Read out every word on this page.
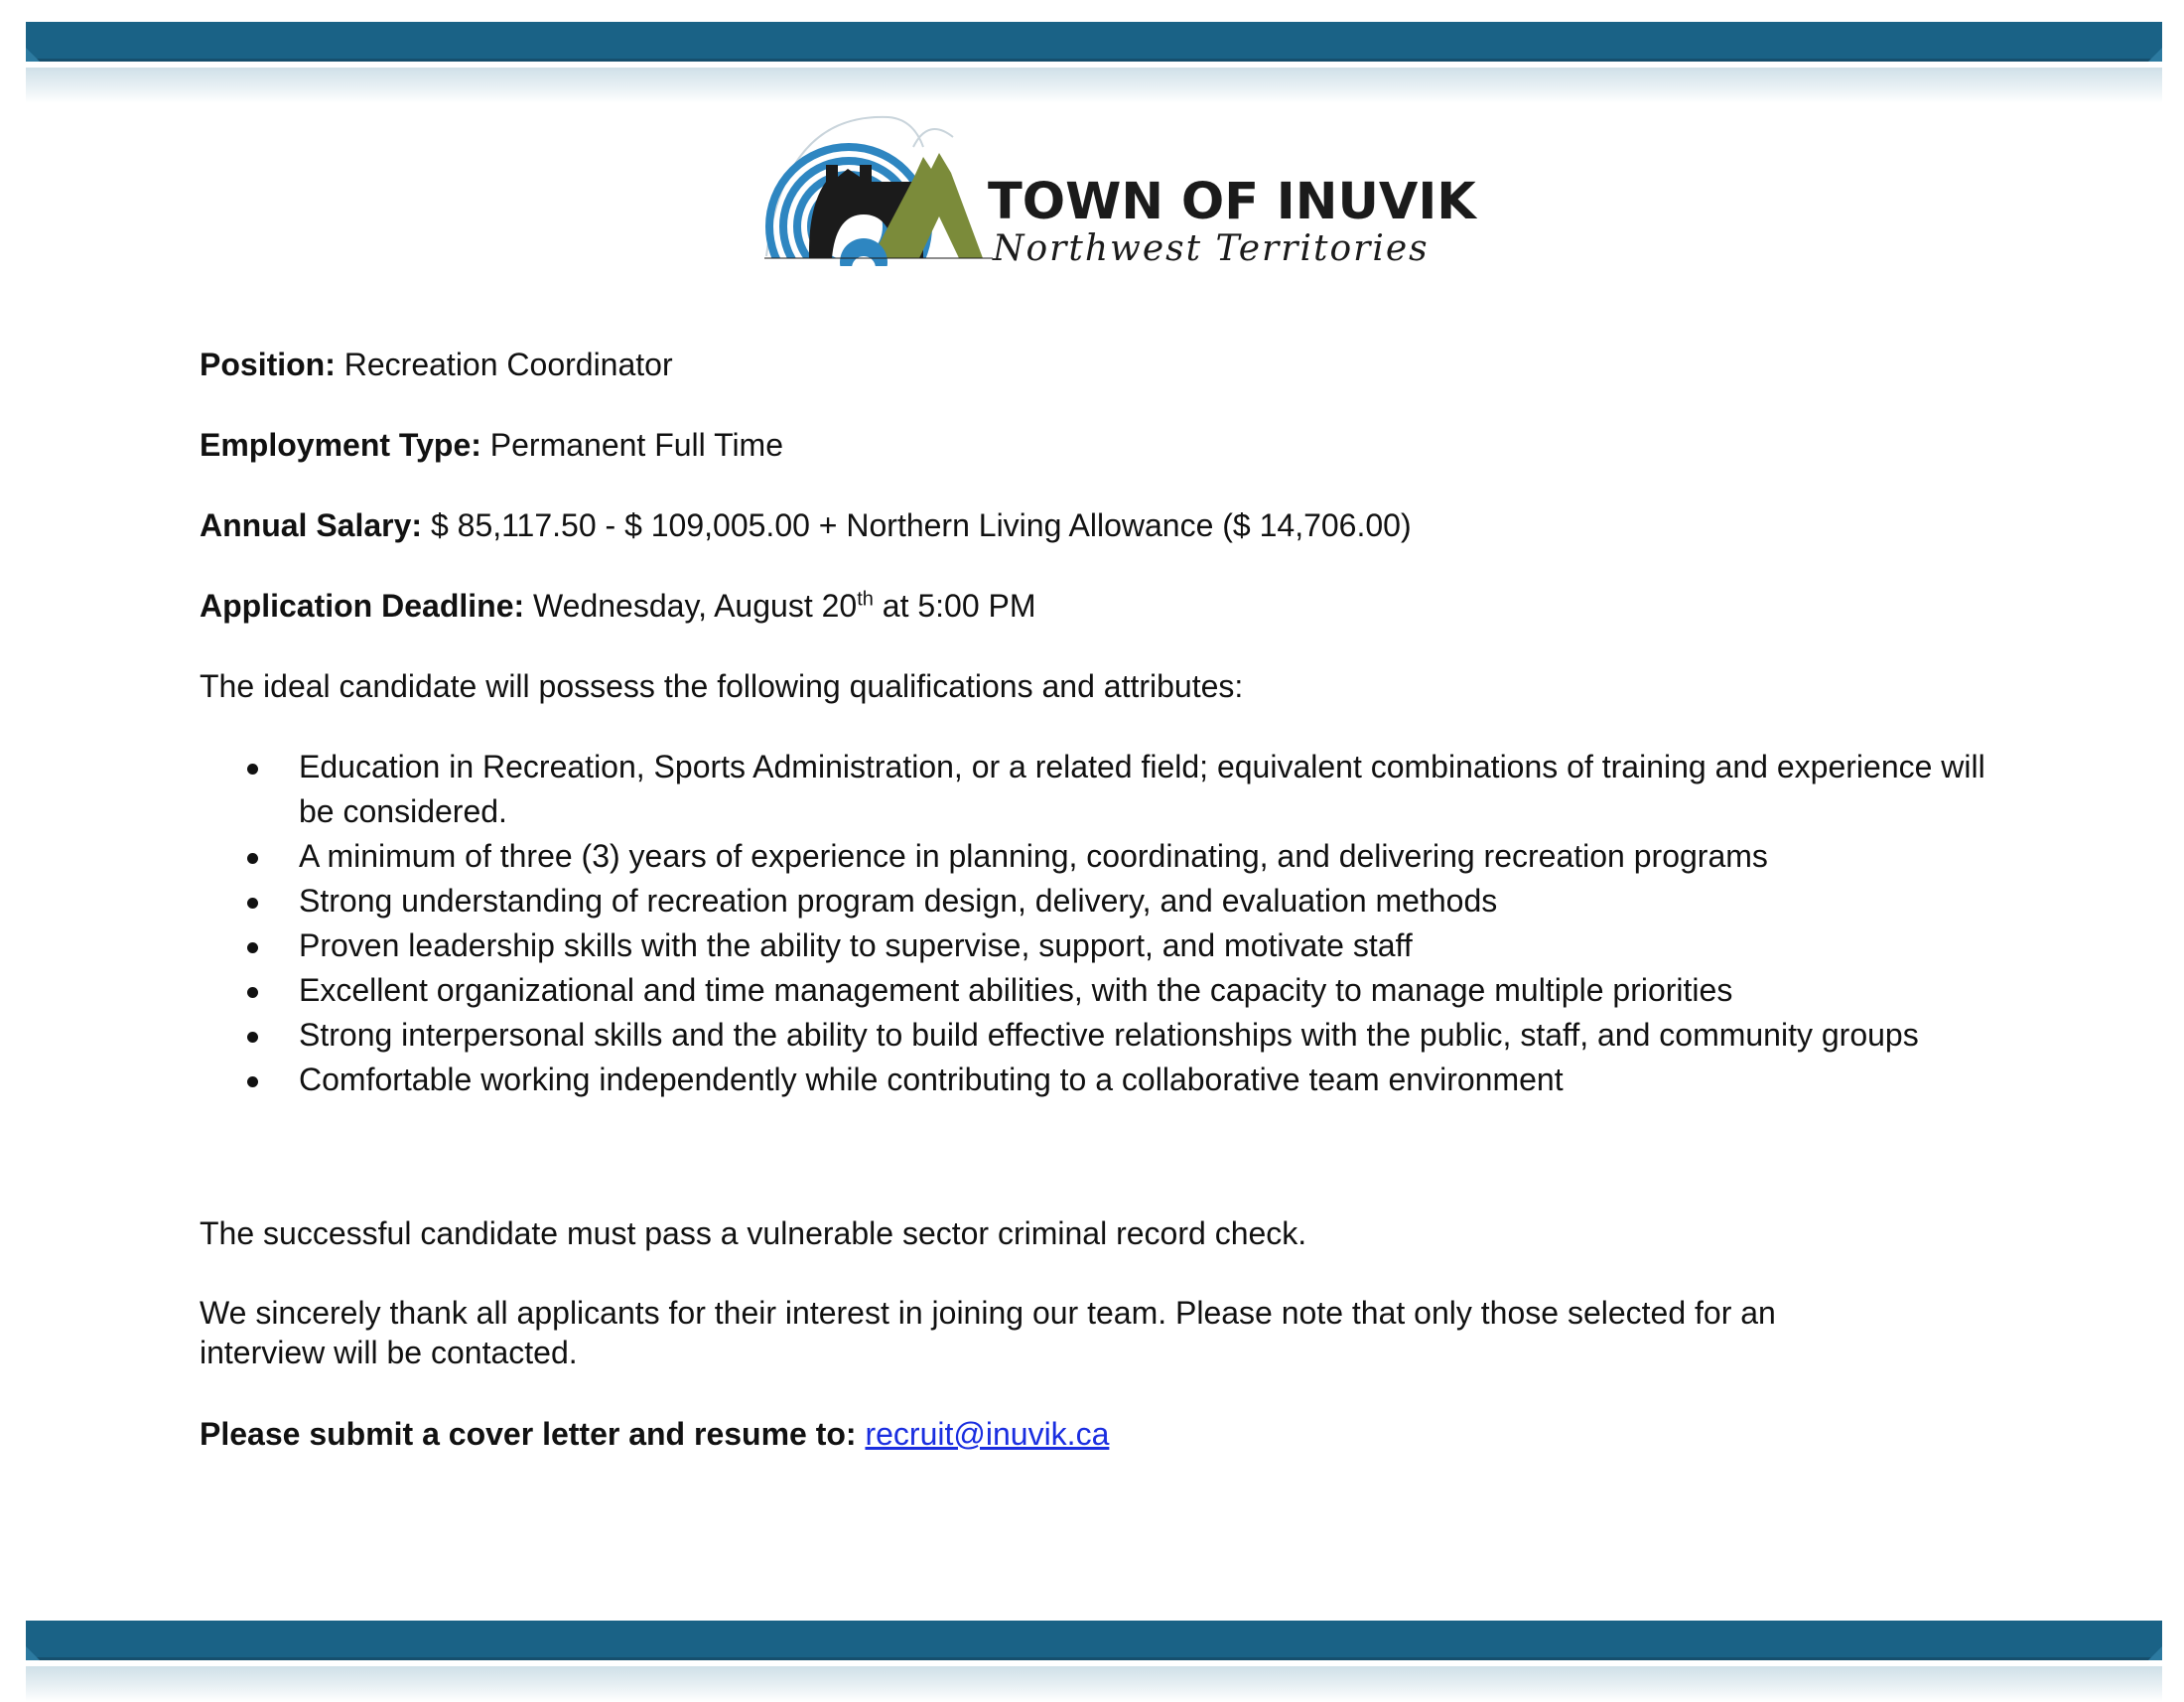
TOWN OF INUVIK
Northwest Territories
Position: Recreation Coordinator
Employment Type: Permanent Full Time
Annual Salary: $ 85,117.50 - $ 109,005.00 + Northern Living Allowance ($ 14,706.00)
Application Deadline: Wednesday, August 20th at 5:00 PM
The ideal candidate will possess the following qualifications and attributes:
Education in Recreation, Sports Administration, or a related field; equivalent combinations of training and experience will be considered.
A minimum of three (3) years of experience in planning, coordinating, and delivering recreation programs
Strong understanding of recreation program design, delivery, and evaluation methods
Proven leadership skills with the ability to supervise, support, and motivate staff
Excellent organizational and time management abilities, with the capacity to manage multiple priorities
Strong interpersonal skills and the ability to build effective relationships with the public, staff, and community groups
Comfortable working independently while contributing to a collaborative team environment
The successful candidate must pass a vulnerable sector criminal record check.
We sincerely thank all applicants for their interest in joining our team. Please note that only those selected for an interview will be contacted.
Please submit a cover letter and resume to: recruit@inuvik.ca
